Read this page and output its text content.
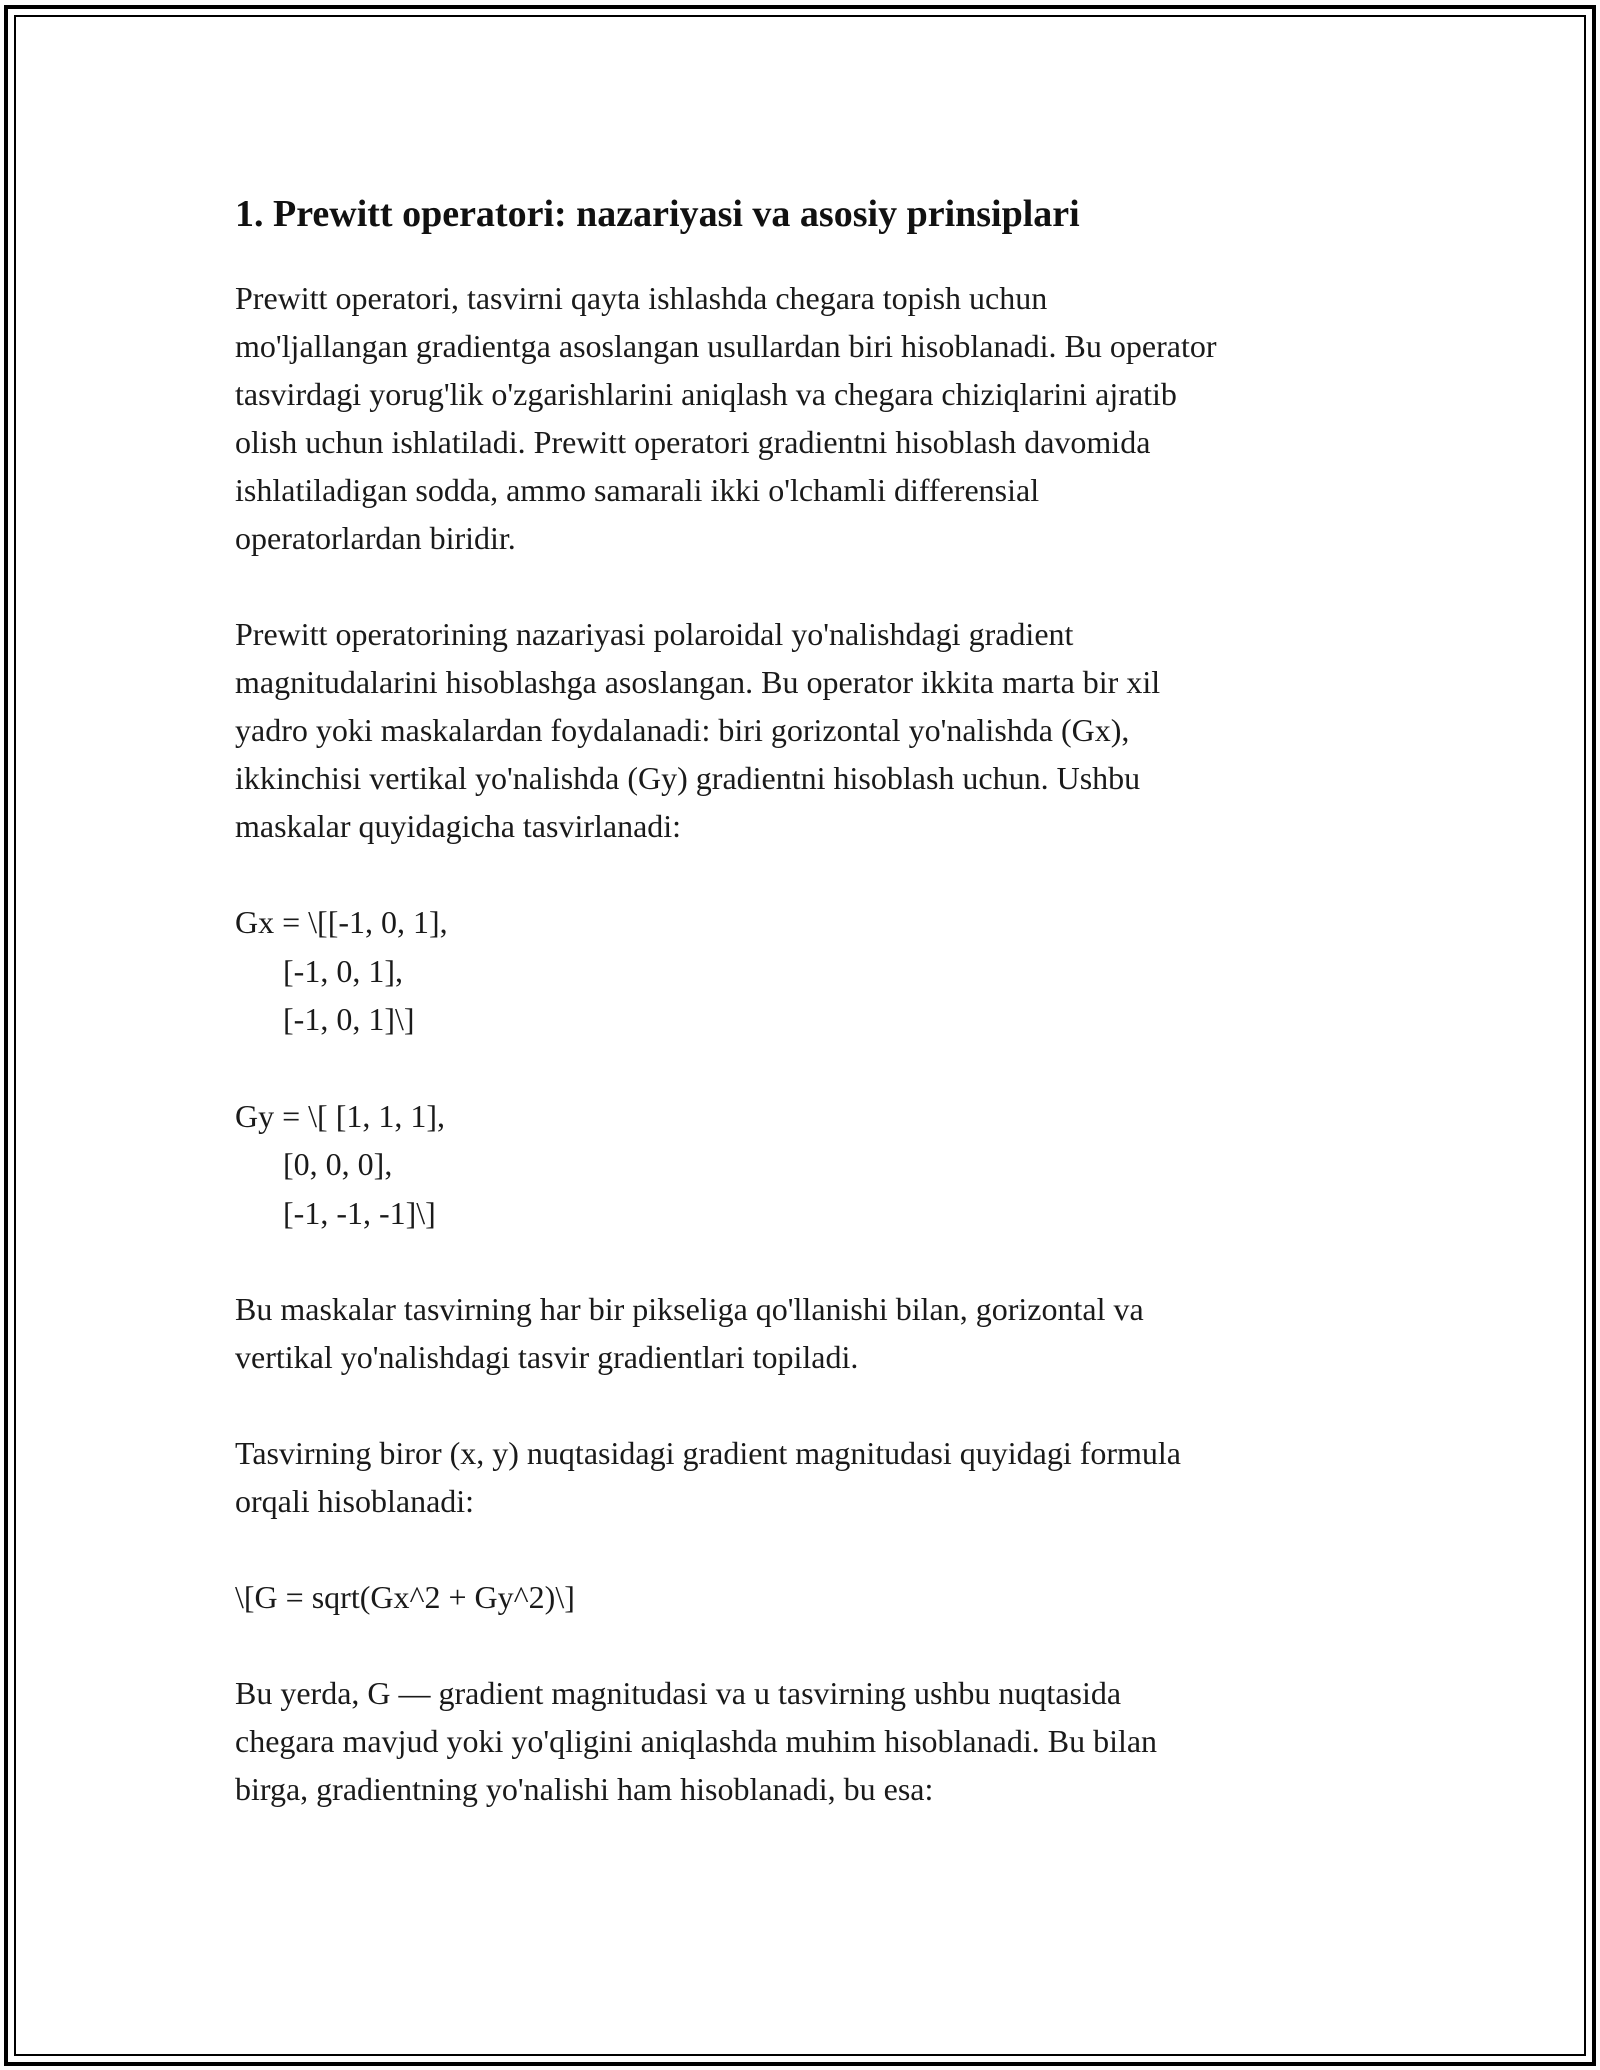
1. Prewitt operatori: nazariyasi va asosiy prinsiplari

Prewitt operatori, tasvirni qayta ishlashda chegara topish uchun
mo'ljallangan gradientga asoslangan usullardan biri hisoblanadi. Bu operator
tasvirdagi yorug'lik o'zgarishlarini aniqlash va chegara chiziqlarini ajratib
olish uchun ishlatiladi. Prewitt operatori gradientni hisoblash davomida
ishlatiladigan sodda, ammo samarali ikki o'lchamli differensial
operatorlardan biridir.

Prewitt operatorining nazariyasi polaroidal yo'nalishdagi gradient
magnitudalarini hisoblashga asoslangan. Bu operator ikkita marta bir xil
yadro yoki maskalardan foydalanadi: biri gorizontal yo'nalishda (Gx),
ikkinchisi vertikal yo'nalishda (Gy) gradientni hisoblash uchun. Ushbu
maskalar quyidagicha tasvirlanadi:

Gx = \[[-1, 0, 1],
[-1, 0, 1],
[-1, 0, 1]\]
Gy = \[ [1, 1, 1],
[0, 0, 0],
[-1, -1, -1]\]

Bu maskalar tasvirning har bir pikseliga qo'llanishi bilan, gorizontal va
vertikal yo'nalishdagi tasvir gradientlari topiladi.

Tasvirning biror (x, y) nuqtasidagi gradient magnitudasi quyidagi formula
orqali hisoblanadi:

\[G = sqrt(Gx^2 + Gy^2)\]

Bu yerda, G — gradient magnitudasi va u tasvirning ushbu nuqtasida
chegara mavjud yoki yo'qligini aniqlashda muhim hisoblanadi. Bu bilan
birga, gradientning yo'nalishi ham hisoblanadi, bu esa:
